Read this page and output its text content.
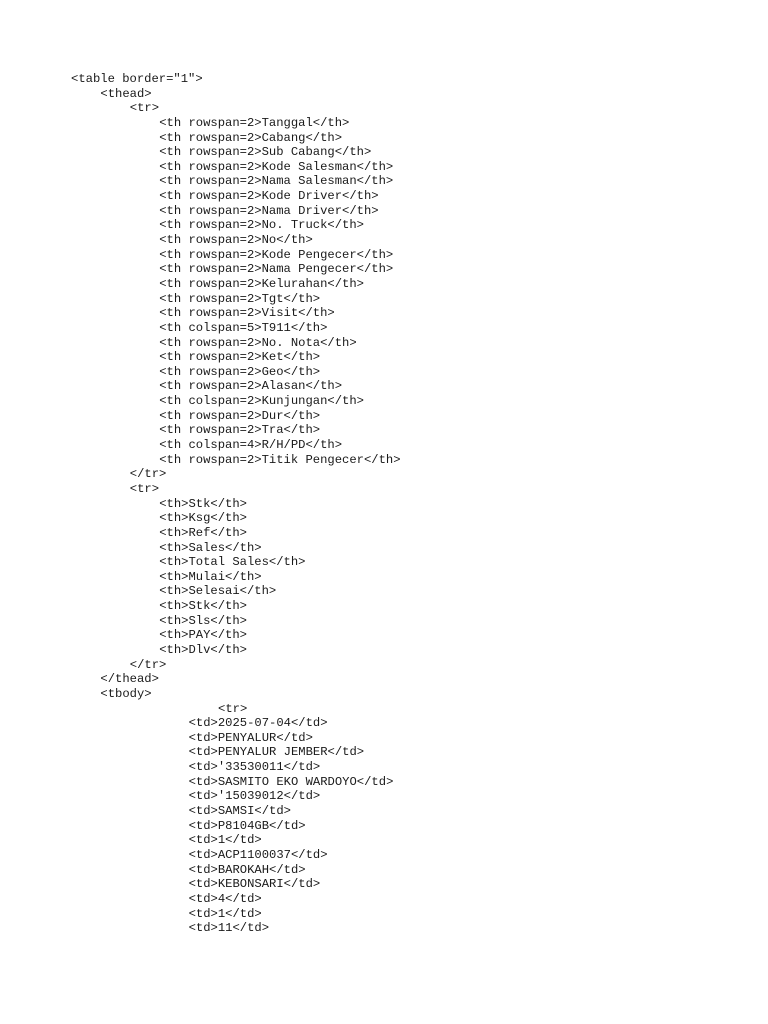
<table border="1">
<thead>
<tr>
<th rowspan=2>Tanggal</th>
<th rowspan=2>Cabang</th>
<th rowspan=2>Sub Cabang</th>
<th rowspan=2>Kode Salesman</th>
<th rowspan=2>Nama Salesman</th>
<th rowspan=2>Kode Driver</th>
<th rowspan=2>Nama Driver</th>
<th rowspan=2>No. Truck</th>
<th rowspan=2>No</th>
<th rowspan=2>Kode Pengecer</th>
<th rowspan=2>Nama Pengecer</th>
<th rowspan=2>Kelurahan</th>
<th rowspan=2>Tgt</th>
<th rowspan=2>Visit</th>
<th colspan=5>T911</th>
<th rowspan=2>No. Nota</th>
<th rowspan=2>Ket</th>
<th rowspan=2>Geo</th>
<th rowspan=2>Alasan</th>
<th colspan=2>Kunjungan</th>
<th rowspan=2>Dur</th>
<th rowspan=2>Tra</th>
<th colspan=4>R/H/PD</th>
<th rowspan=2>Titik Pengecer</th>
</tr>
<tr>
<th>Stk</th>
<th>Ksg</th>
<th>Ref</th>
<th>Sales</th>
<th>Total Sales</th>
<th>Mulai</th>
<th>Selesai</th>
<th>Stk</th>
<th>Sls</th>
<th>PAY</th>
<th>Dlv</th>
</tr>
</thead>
<tbody>
<tr>
<td>2025-07-04</td>
<td>PENYALUR</td>
<td>PENYALUR JEMBER</td>
<td>'33530011</td>
<td>SASMITO EKO WARDOYO</td>
<td>'15039012</td>
<td>SAMSI</td>
<td>P8104GB</td>
<td>1</td>
<td>ACP1100037</td>
<td>BAROKAH</td>
<td>KEBONSARI</td>
<td>4</td>
<td>1</td>
<td>11</td>
